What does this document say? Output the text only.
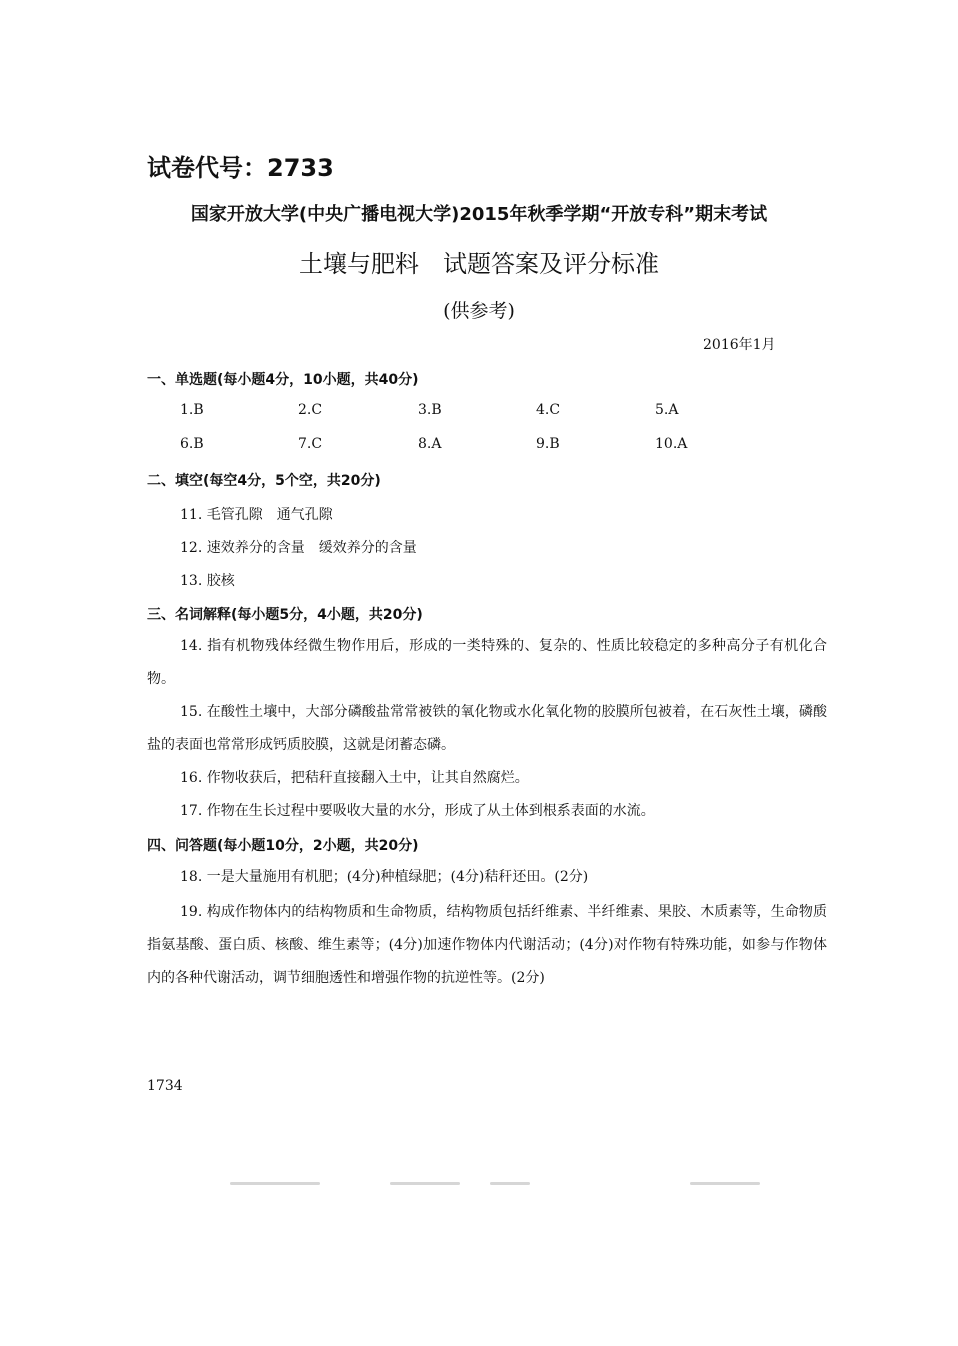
试卷代号：2733
国家开放大学(中央广播电视大学)2015年秋季学期“开放专科”期末考试
土壤与肥料　试题答案及评分标准
(供参考)
2016年1月
一、单选题(每小题4分，10小题，共40分)
1.B	2.C	3.B	4.C	5.A
6.B	7.C	8.A	9.B	10.A
二、填空(每空4分，5个空，共20分)
11. 毛管孔隙　通气孔隙
12. 速效养分的含量　缓效养分的含量
13. 胶核
三、名词解释(每小题5分，4小题，共20分)
14. 指有机物残体经微生物作用后，形成的一类特殊的、复杂的、性质比较稳定的多种高分子有机化合物。
15. 在酸性土壤中，大部分磷酸盐常常被铁的氧化物或水化氧化物的胶膜所包被着，在石灰性土壤，磷酸盐的表面也常常形成钙质胶膜，这就是闭蓄态磷。
16. 作物收获后，把秸秆直接翻入土中，让其自然腐烂。
17. 作物在生长过程中要吸收大量的水分，形成了从土体到根系表面的水流。
四、问答题(每小题10分，2小题，共20分)
18. 一是大量施用有机肥；(4分)种植绿肥；(4分)秸秆还田。(2分)
19. 构成作物体内的结构物质和生命物质，结构物质包括纤维素、半纤维素、果胶、木质素等，生命物质指氨基酸、蛋白质、核酸、维生素等；(4分)加速作物体内代谢活动；(4分)对作物有特殊功能，如参与作物体内的各种代谢活动，调节细胞透性和增强作物的抗逆性等。(2分)
1734
